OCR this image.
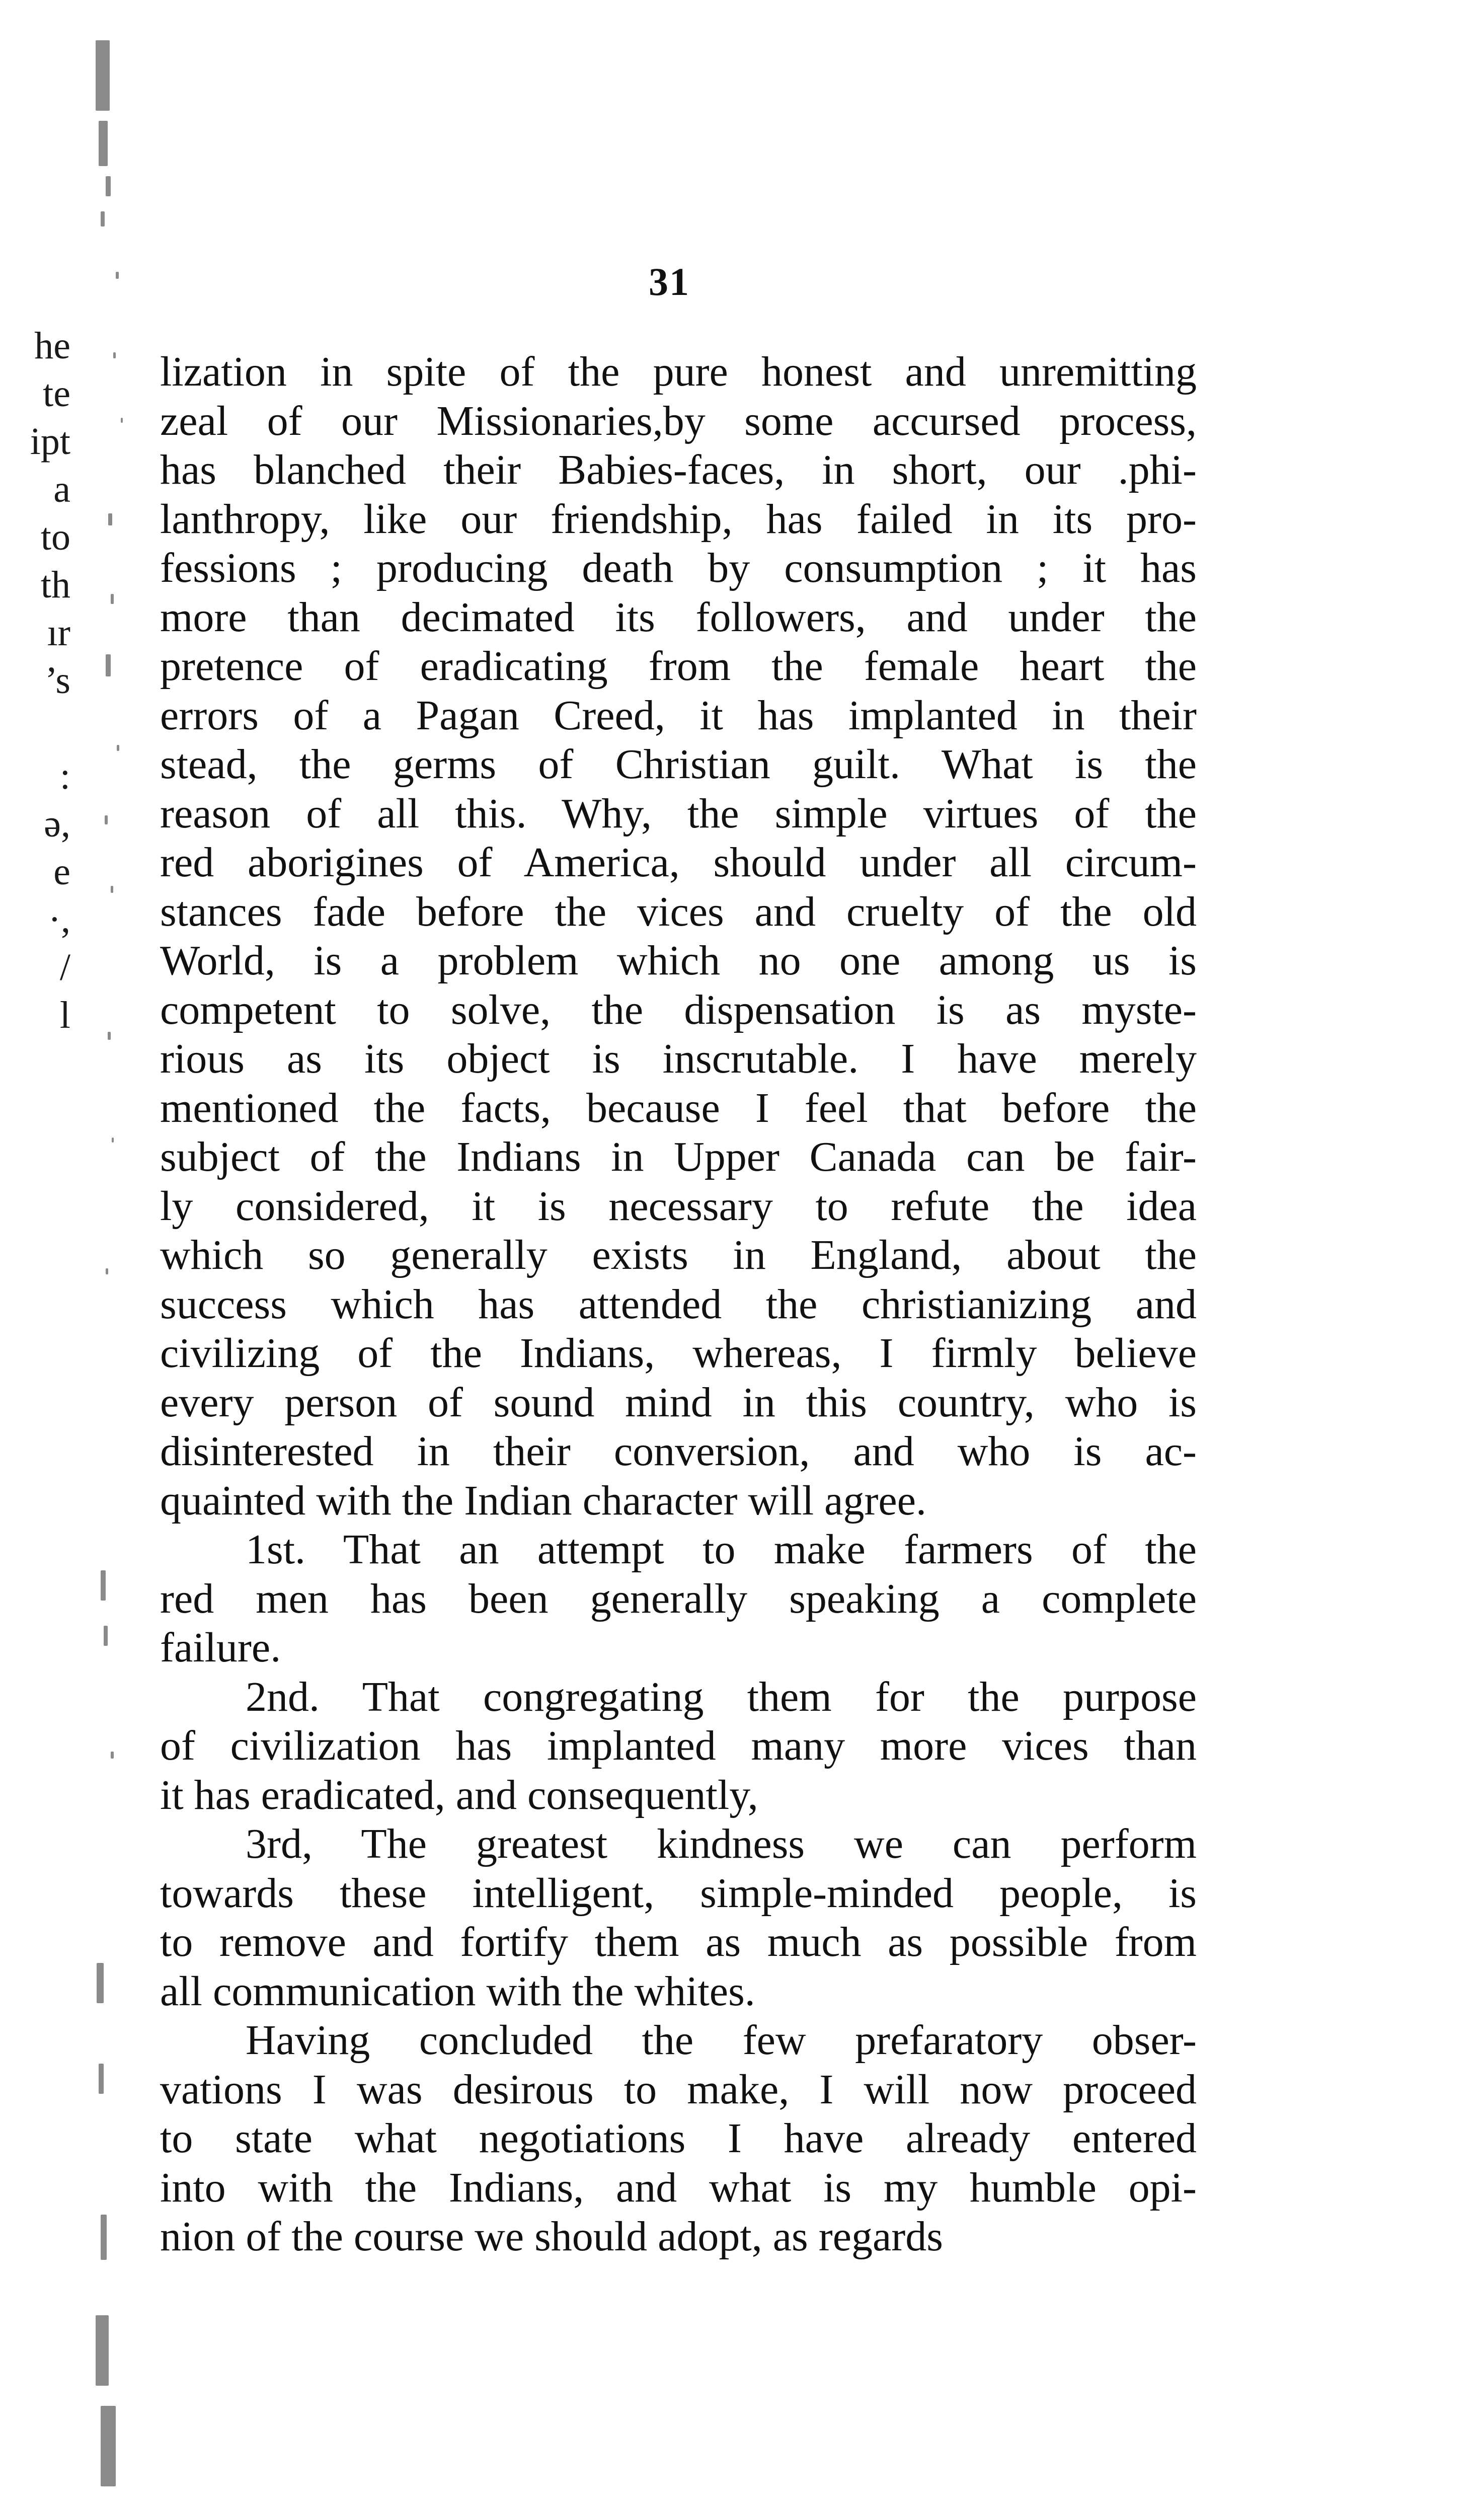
he
te
ipt
a
to
th
ır
’s

:
ǝ,
e
·,
/
l
31
lization in spite of the pure honest and unremitting
zeal of our Missionaries,by some accursed process,
has blanched their Babies-faces, in short, our .phi-
lanthropy, like our friendship, has failed in its pro-
fessions ; producing death by consumption ; it has
more than decimated its followers, and under the
pretence of eradicating from the female heart the
errors of a Pagan Creed, it has implanted in their
stead, the germs of Christian guilt. What is the
reason of all this. Why, the simple virtues of the
red aborigines of America, should under all circum-
stances fade before the vices and cruelty of the old
World, is a problem which no one among us is
competent to solve, the dispensation is as myste-
rious as its object is inscrutable. I have merely
mentioned the facts, because I feel that before the
subject of the Indians in Upper Canada can be fair-
ly considered, it is necessary to refute the idea
which so generally exists in England, about the
success which has attended the christianizing and
civilizing of the Indians, whereas, I firmly believe
every person of sound mind in this country, who is
disinterested in their conversion, and who is ac-
quainted with the Indian character will agree.
1st. That an attempt to make farmers of the
red men has been generally speaking a complete
failure.
2nd. That congregating them for the purpose
of civilization has implanted many more vices than
it has eradicated, and consequently,
3rd, The greatest kindness we can perform
towards these intelligent, simple-minded people, is
to remove and fortify them as much as possible from
all communication with the whites.
Having concluded the few prefaratory obser-
vations I was desirous to make, I will now proceed
to state what negotiations I have already entered
into with the Indians, and what is my humble opi-
nion of the course we should adopt, as regards
